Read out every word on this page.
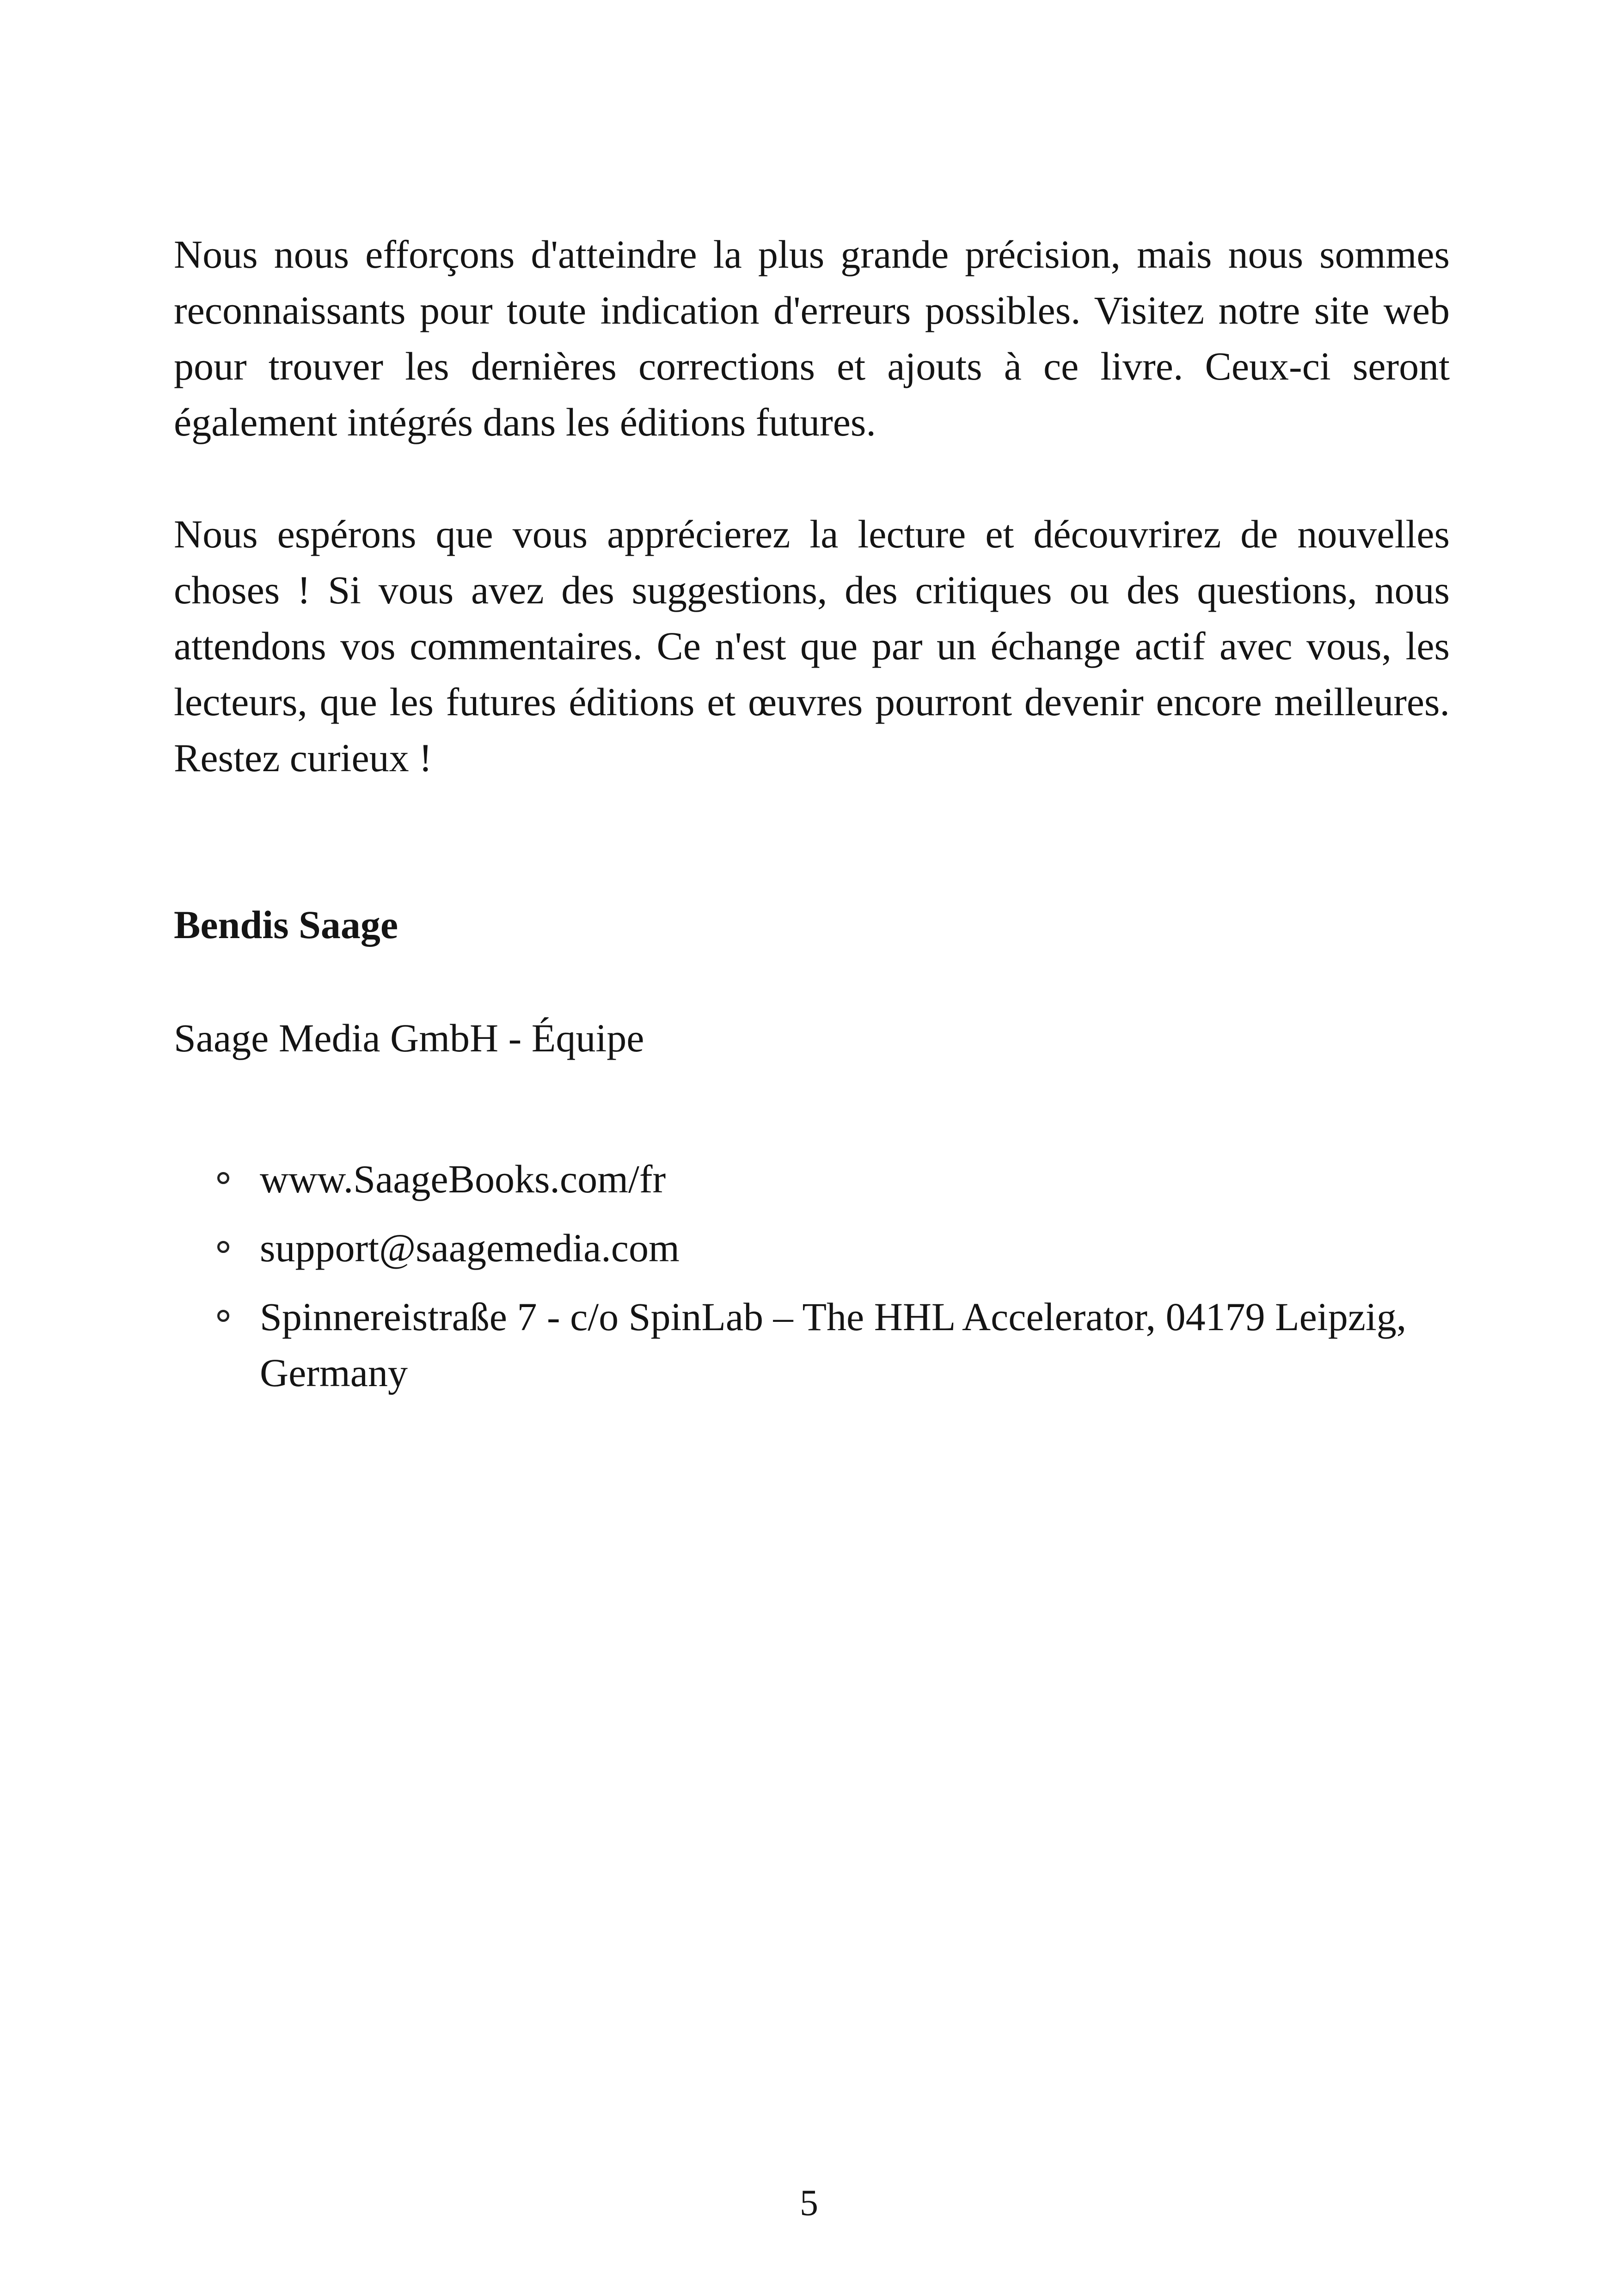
Nous nous efforçons d'atteindre la plus grande précision, mais nous sommes reconnaissants pour toute indication d'erreurs possibles. Visitez notre site web pour trouver les dernières corrections et ajouts à ce livre. Ceux-ci seront également intégrés dans les éditions futures.

Nous espérons que vous apprécierez la lecture et découvrirez de nouvelles choses ! Si vous avez des suggestions, des critiques ou des questions, nous attendons vos commentaires. Ce n'est que par un échange actif avec vous, les lecteurs, que les futures éditions et œuvres pourront devenir encore meilleures. Restez curieux !

Bendis Saage

Saage Media GmbH - Équipe

www.SaageBooks.com/fr
support@saagemedia.com
Spinnereistraße 7 - c/o SpinLab – The HHL Accelerator, 04179 Leipzig, Germany

5
